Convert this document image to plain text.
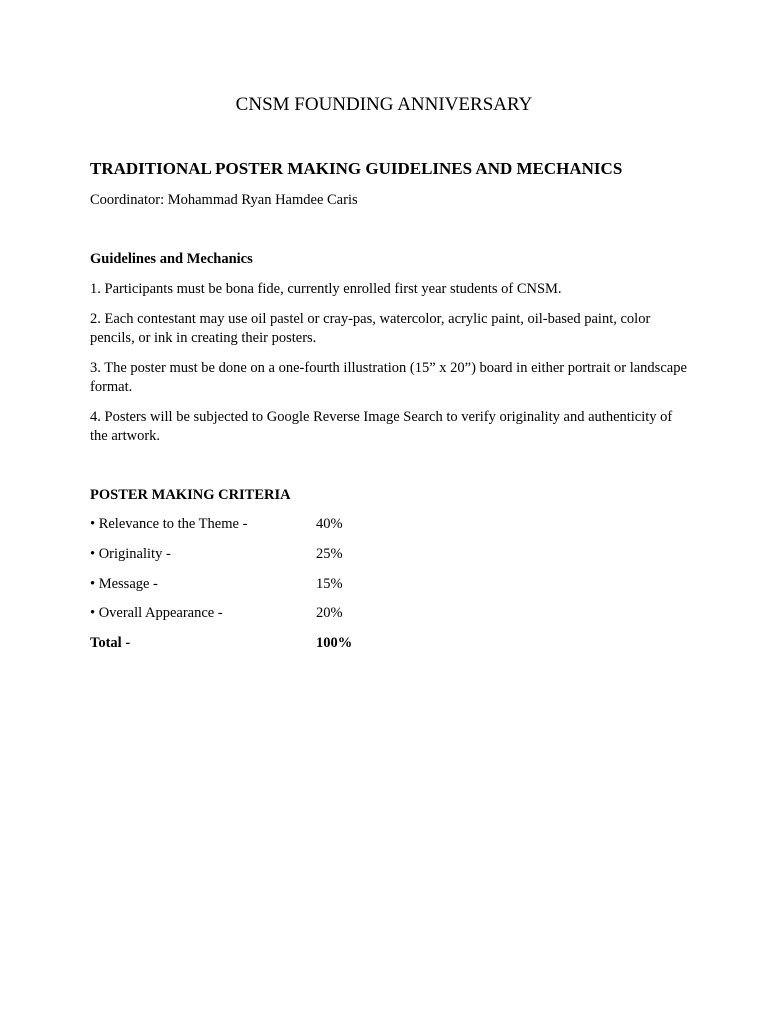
CNSM FOUNDING ANNIVERSARY
TRADITIONAL POSTER MAKING GUIDELINES AND MECHANICS
Coordinator: Mohammad Ryan Hamdee Caris
Guidelines and Mechanics
1. Participants must be bona fide, currently enrolled first year students of CNSM.
2. Each contestant may use oil pastel or cray-pas, watercolor, acrylic paint, oil-based paint, color pencils, or ink in creating their posters.
3. The poster must be done on a one-fourth illustration (15” x 20”) board in either portrait or landscape format.
4. Posters will be subjected to Google Reverse Image Search to verify originality and authenticity of the artwork.
POSTER MAKING CRITERIA
• Relevance to the Theme -	40%
• Originality -	25%
• Message -	15%
• Overall Appearance -	20%
Total -	100%
